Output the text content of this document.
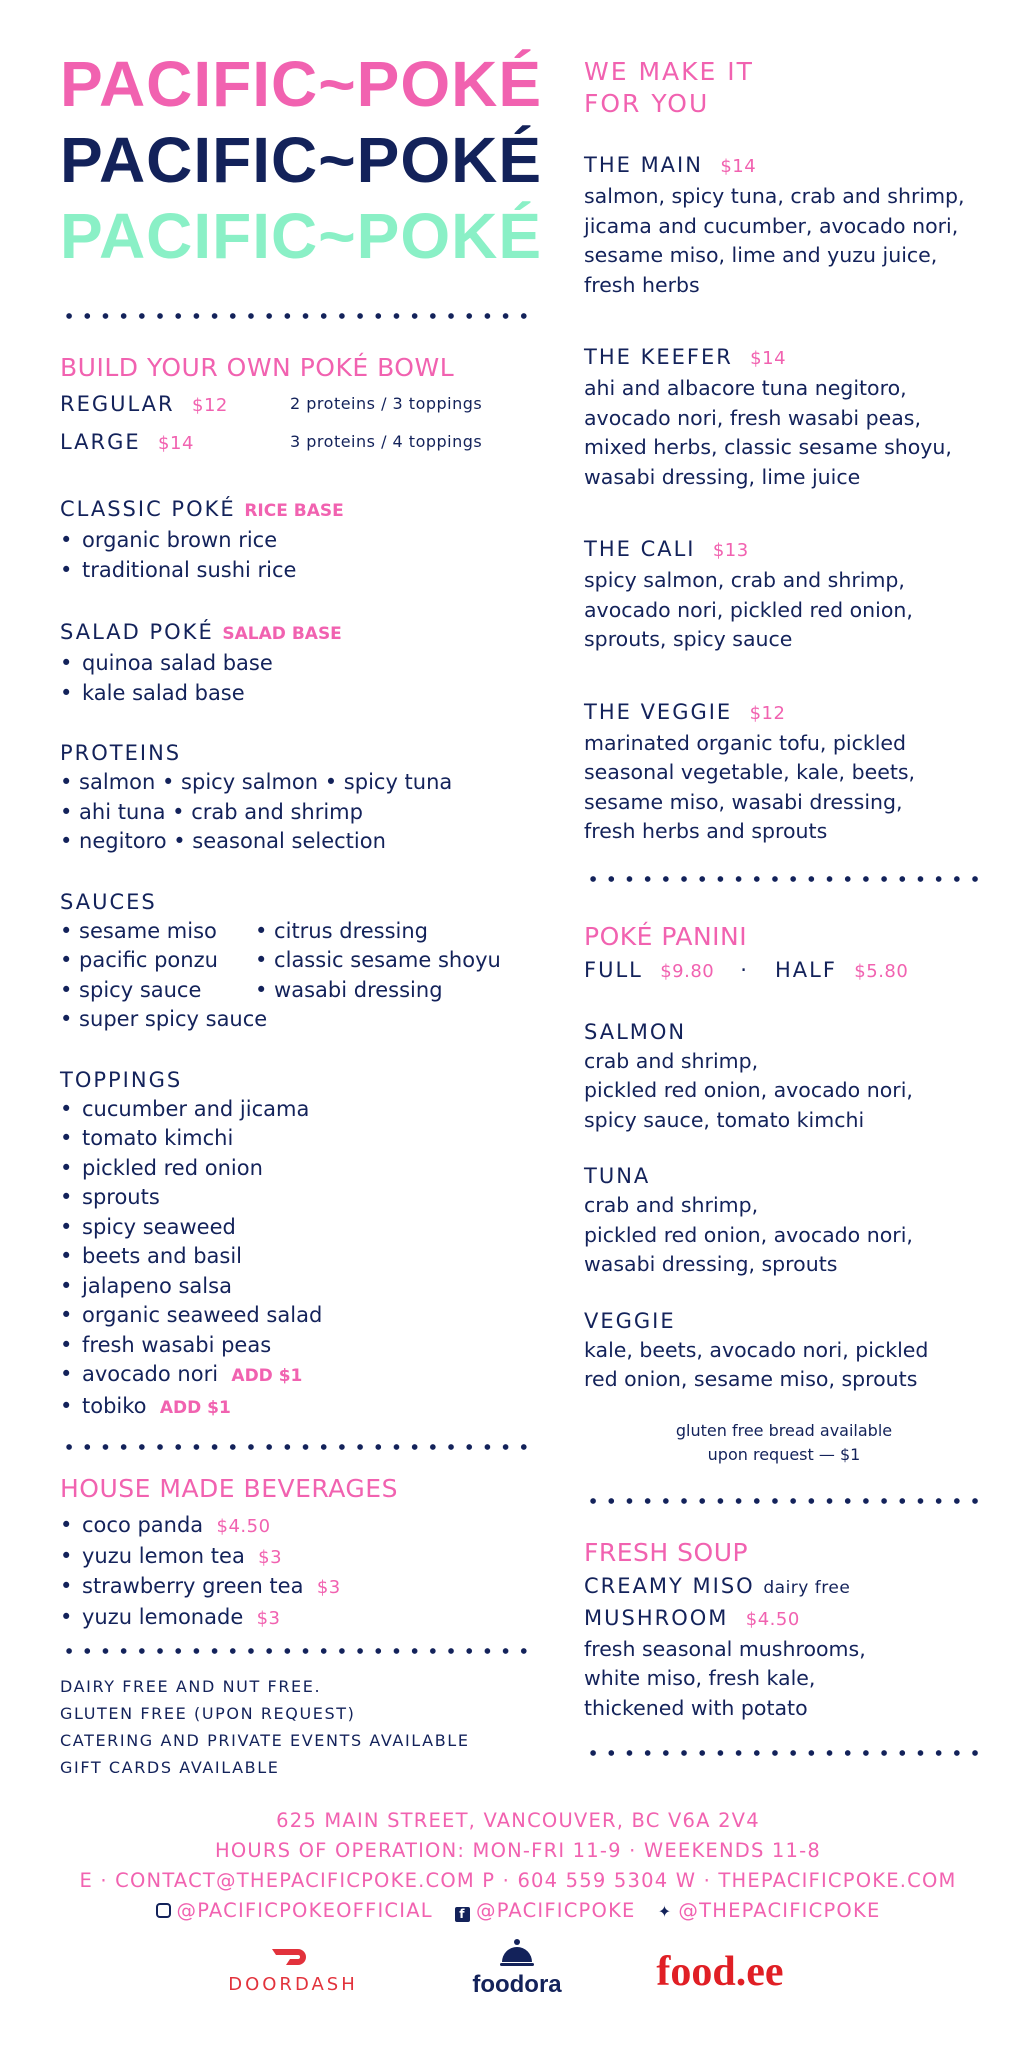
PACIFIC~POKÉ
PACIFIC~POKÉ
PACIFIC~POKÉ
BUILD YOUR OWN POKÉ BOWL
REGULAR $12	2 proteins / 3 toppings
LARGE $14	3 proteins / 4 toppings
CLASSIC POKÉ RICE BASE
• organic brown rice
• traditional sushi rice
SALAD POKÉ SALAD BASE
• quinoa salad base
• kale salad base
PROTEINS
• salmon • spicy salmon • spicy tuna
• ahi tuna • crab and shrimp
• negitoro • seasonal selection
SAUCES
• sesame miso	• citrus dressing
• pacific ponzu	• classic sesame shoyu
• spicy sauce	• wasabi dressing
• super spicy sauce
TOPPINGS
• cucumber and jicama
• tomato kimchi
• pickled red onion
• sprouts
• spicy seaweed
• beets and basil
• jalapeno salsa
• organic seaweed salad
• fresh wasabi peas
• avocado nori ADD $1
• tobiko ADD $1
HOUSE MADE BEVERAGES
• coco panda $4.50
• yuzu lemon tea $3
• strawberry green tea $3
• yuzu lemonade $3
DAIRY FREE AND NUT FREE.
GLUTEN FREE (UPON REQUEST)
CATERING AND PRIVATE EVENTS AVAILABLE
GIFT CARDS AVAILABLE
WE MAKE IT
FOR YOU
THE MAIN $14
salmon, spicy tuna, crab and shrimp,
jicama and cucumber, avocado nori,
sesame miso, lime and yuzu juice,
fresh herbs
THE KEEFER $14
ahi and albacore tuna negitoro,
avocado nori, fresh wasabi peas,
mixed herbs, classic sesame shoyu,
wasabi dressing, lime juice
THE CALI $13
spicy salmon, crab and shrimp,
avocado nori, pickled red onion,
sprouts, spicy sauce
THE VEGGIE $12
marinated organic tofu, pickled
seasonal vegetable, kale, beets,
sesame miso, wasabi dressing,
fresh herbs and sprouts
POKÉ PANINI
FULL $9.80 · HALF $5.80
SALMON
crab and shrimp,
pickled red onion, avocado nori,
spicy sauce, tomato kimchi
TUNA
crab and shrimp,
pickled red onion, avocado nori,
wasabi dressing, sprouts
VEGGIE
kale, beets, avocado nori, pickled
red onion, sesame miso, sprouts
gluten free bread available
upon request — $1
FRESH SOUP
CREAMY MISO dairy free
MUSHROOM $4.50
fresh seasonal mushrooms,
white miso, fresh kale,
thickened with potato
625 MAIN STREET, VANCOUVER, BC V6A 2V4
HOURS OF OPERATION: MON-FRI 11-9 · WEEKENDS 11-8
E · CONTACT@THEPACIFICPOKE.COM P · 604 559 5304 W · THEPACIFICPOKE.COM
@PACIFICPOKEOFFICIAL f @PACIFICPOKE ✦ @THEPACIFICPOKE
DOORDASH	foodora	food.ee
